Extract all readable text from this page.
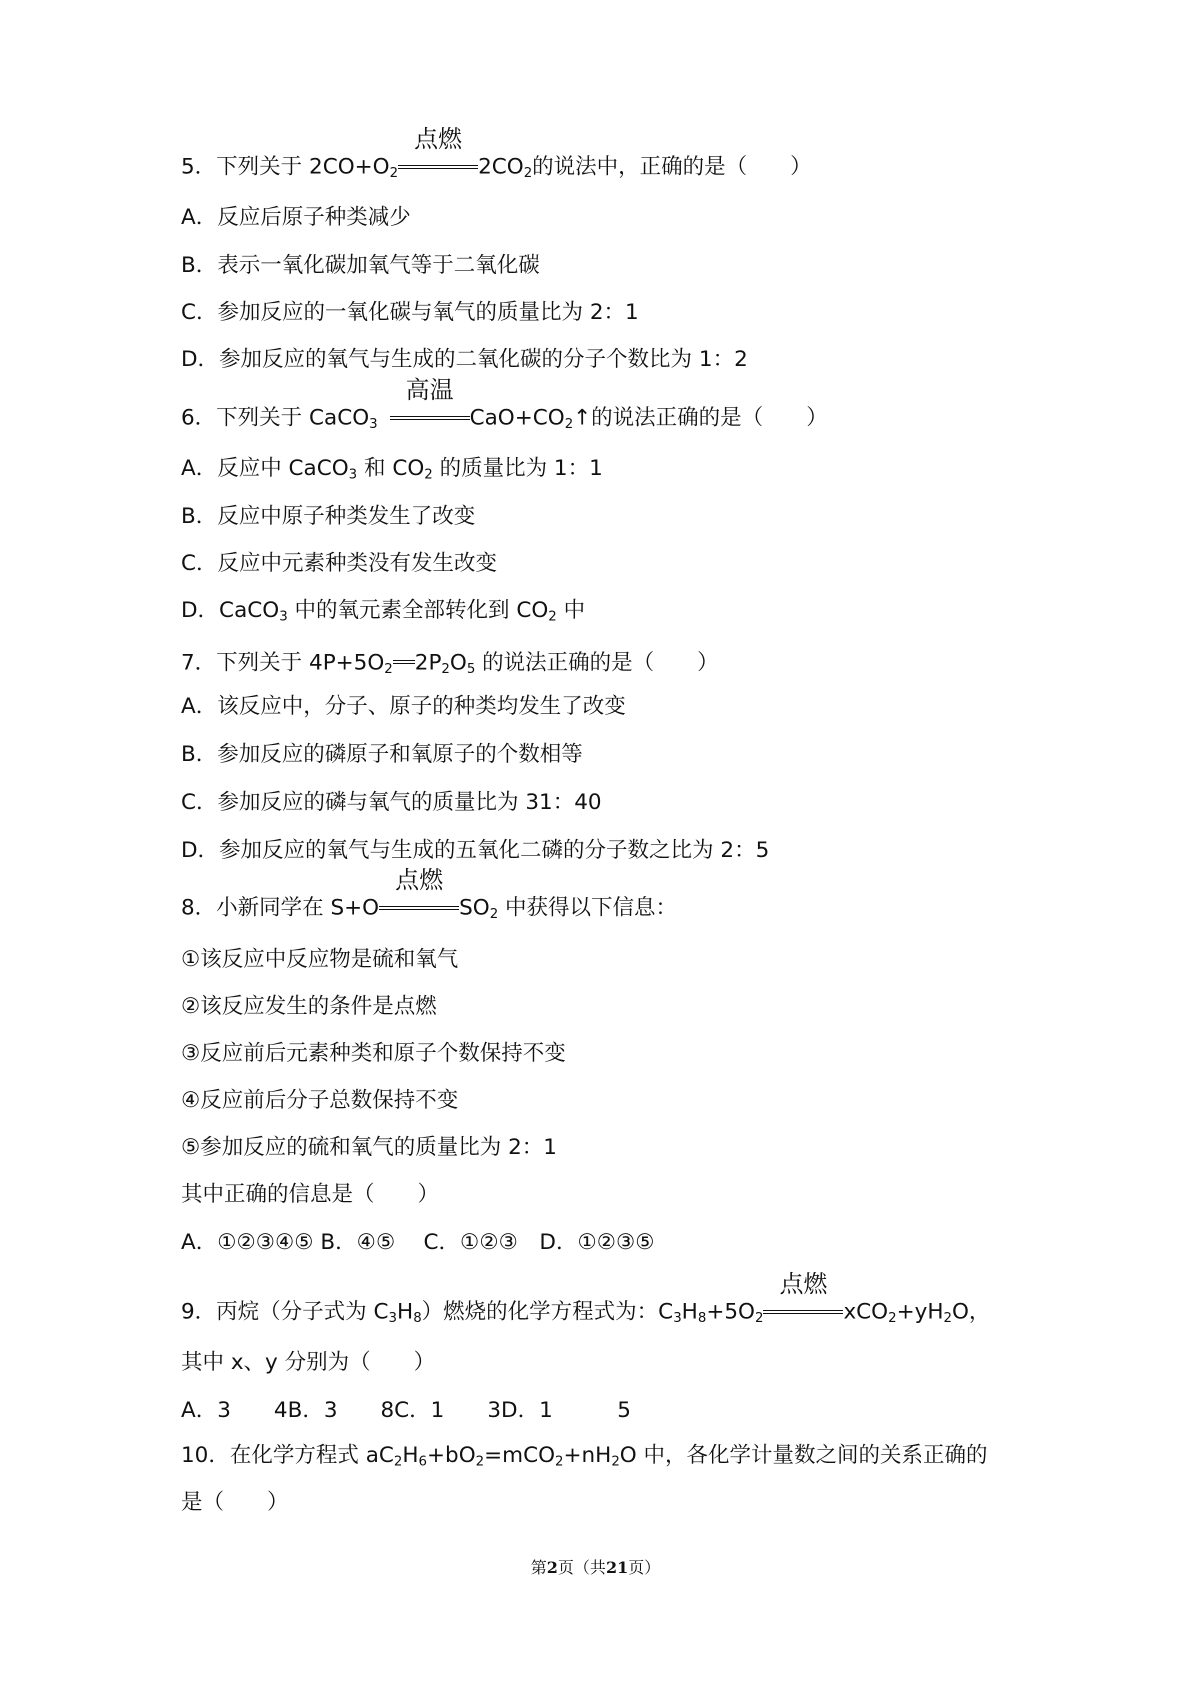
5．下列关于 $2CO+O_2$
点燃
$2CO_2$的说法中，正确的是（　　）
A．反应后原子种类减少
B．表示一氧化碳加氧气等于二氧化碳
C．参加反应的一氧化碳与氧气的质量比为 2：1
D．参加反应的氧气与生成的二氧化碳的分子个数比为 1：2
6．下列关于 CaCO$_3$
高温
$CaO+CO_2↑$的说法正确的是（　　）
A．反应中 CaCO$_3$ 和 $CO_2$ 的质量比为 1：1
B．反应中原子种类发生了改变
C．反应中元素种类没有发生改变
D．CaCO$_3$ 中的氧元素全部转化到 $CO_2$ 中
7．下列关于 $4P+5O_2$ $2P_2O_5$ 的说法正确的是（　　）
A．该反应中，分子、原子的种类均发生了改变
B．参加反应的磷原子和氧原子的个数相等
C．参加反应的磷与氧气的质量比为 31：40
D．参加反应的氧气与生成的五氧化二磷的分子数之比为 2：5
8．小新同学在 S+O
点燃
$SO_2$ 中获得以下信息：
①该反应中反应物是硫和氧气
②该反应发生的条件是点燃
③反应前后元素种类和原子个数保持不变
④反应前后分子总数保持不变
⑤参加反应的硫和氧气的质量比为 2：1
其中正确的信息是（　　）
A．①②③④⑤ B．④⑤　 C．①②③　D．①②③⑤
9．丙烷（分子式为 $C_3H_8$）燃烧的化学方程式为：$C_3H_8+5O_2$
点燃
$xCO_2+yH_2O$，
其中 x、y 分别为（　　）
A．3　　4B．3　　8C．1　　3D．1　　　5
10．在化学方程式 $aC_2H_6+bO_2=mCO_2+nH_2O$ 中，各化学计量数之间的关系正确的
是（　　）
第2页（共21页）
